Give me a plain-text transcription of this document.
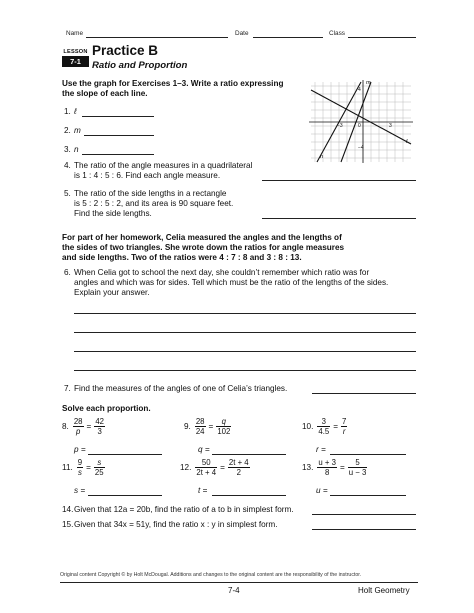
Name	Date	Class
LESSON
7-1
Practice B
Ratio and Proportion
Use the graph for Exercises 1–3. Write a ratio expressing
the slope of each line.
1. ℓ
2. m
3. n
m
ℓ
n
4
−3	0	3
−4
4. The ratio of the angle measures in a quadrilateral
is 1 : 4 : 5 : 6. Find each angle measure.
5. The ratio of the side lengths in a rectangle
is 5 : 2 : 5 : 2, and its area is 90 square feet.
Find the side lengths.
For part of her homework, Celia measured the angles and the lengths of
the sides of two triangles. She wrote down the ratios for angle measures
and side lengths. Two of the ratios were 4 : 7 : 8 and 3 : 8 : 13.
6. When Celia got to school the next day, she couldn’t remember which ratio was for
angles and which was for sides. Tell which must be the ratio of the lengths of the sides.
Explain your answer.
7. Find the measures of the angles of one of Celia’s triangles.
Solve each proportion.
8. $\frac{28}{p} = \frac{42}{3}$	9. $\frac{28}{24} = \frac{q}{102}$	10. $\frac{3}{4.5} = \frac{7}{r}$
p =	q =	r =
11. $\frac{9}{s} = \frac{s}{25}$	12. $\frac{50}{2t + 4} = \frac{2t + 4}{2}$	13. $\frac{u + 3}{8} = \frac{5}{u - 3}$
s =	t =	u =
14. Given that 12a = 20b, find the ratio of a to b in simplest form.
15. Given that 34x = 51y, find the ratio x : y in simplest form.
Original content Copyright © by Holt McDougal. Additions and changes to the original content are the responsibility of the instructor.
7-4	Holt Geometry
